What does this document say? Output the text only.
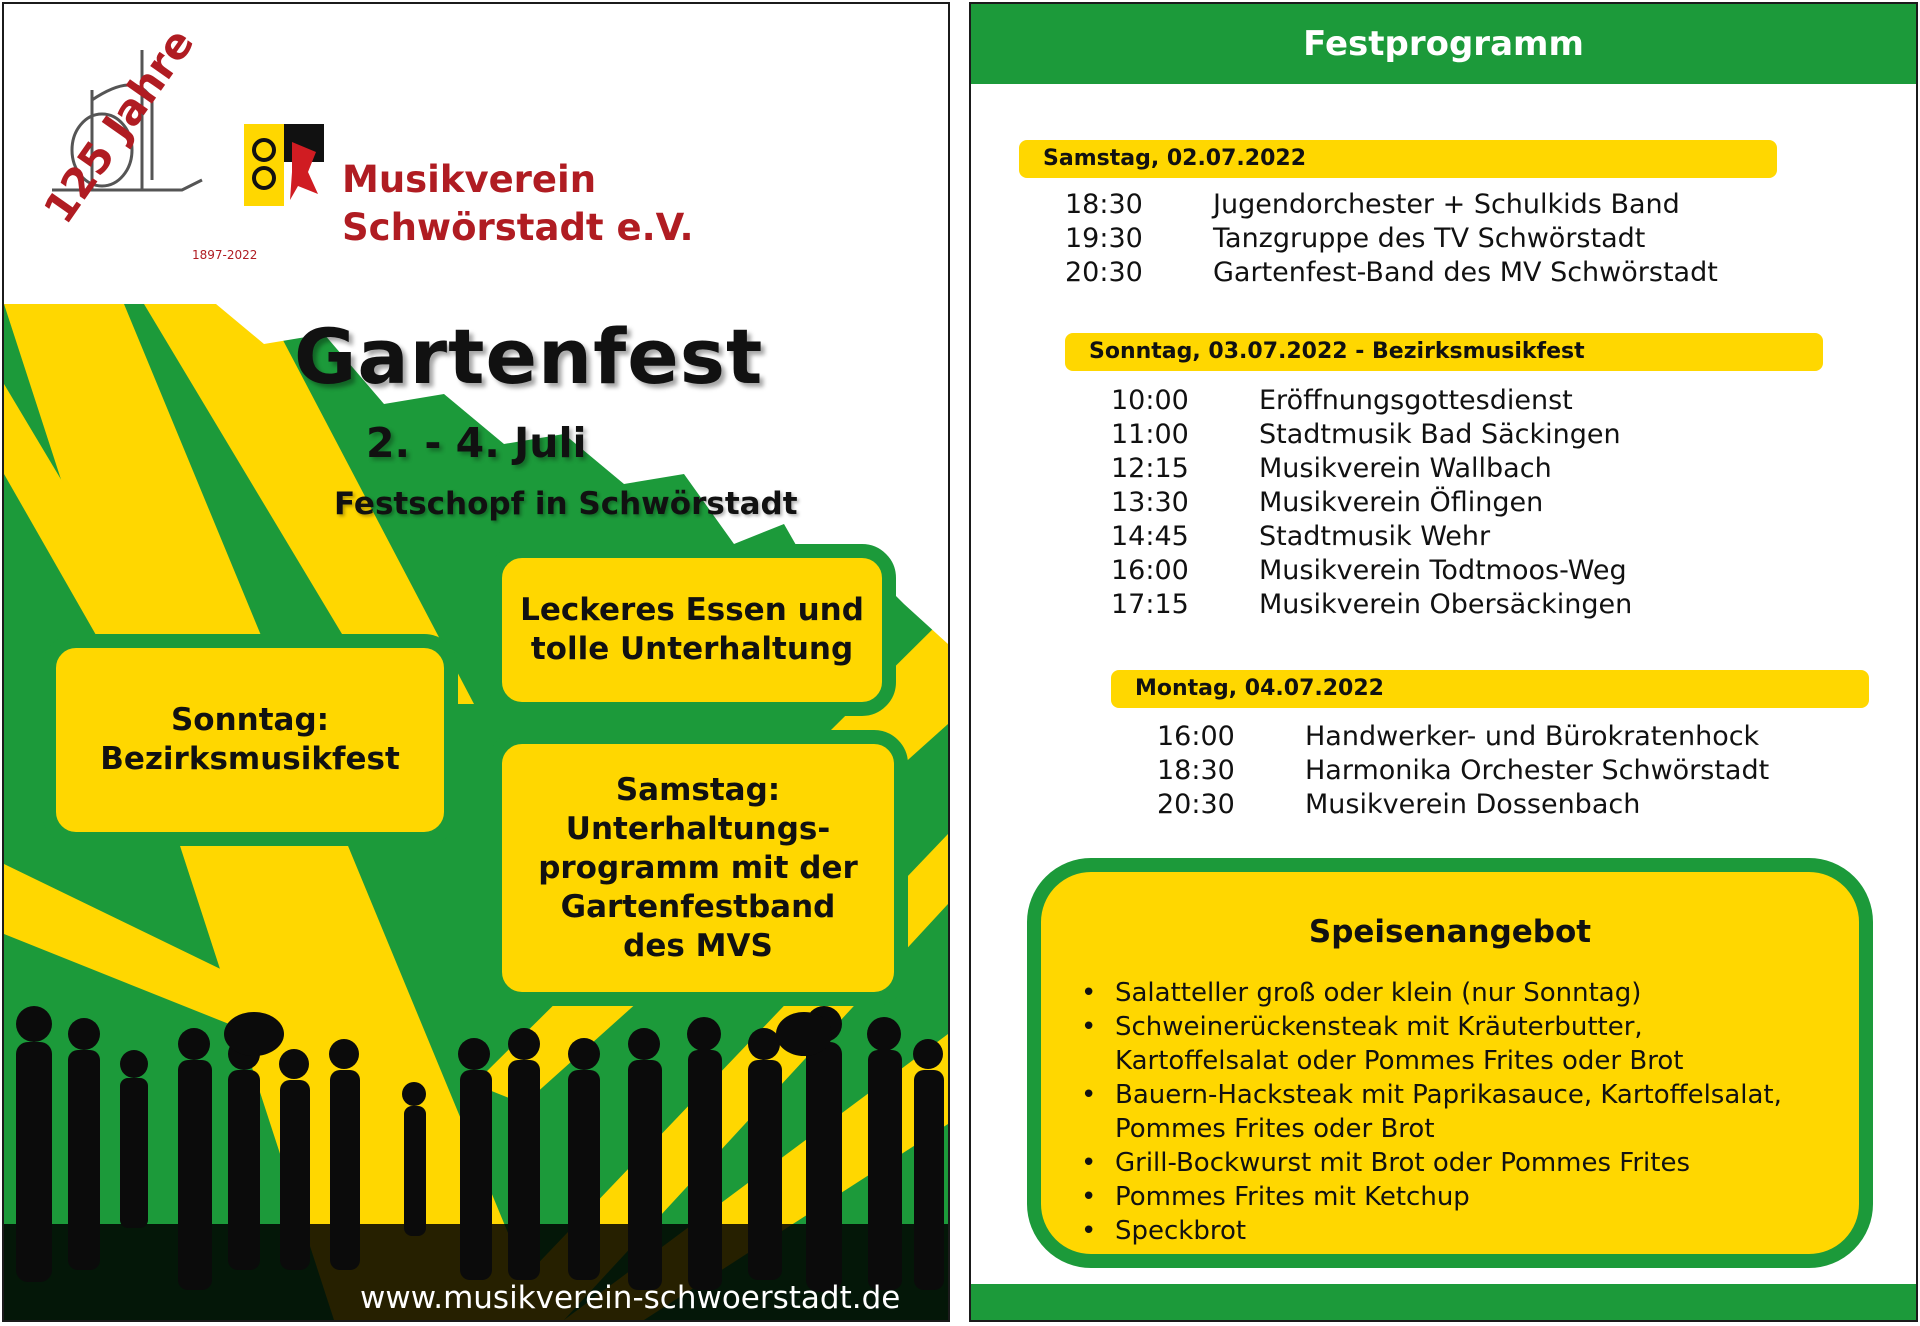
125 Jahre
1897-2022
Musikverein
Schwörstadt e.V.
Gartenfest
2. - 4. Juli
Festschopf in Schwörstadt
Leckeres Essen und
tolle Unterhaltung
Sonntag:
Bezirksmusikfest
Samstag:
Unterhaltungs-
programm mit der
Gartenfestband
des MVS
www.musikverein-schwoerstadt.de
Festprogramm
Samstag, 02.07.2022
18:30	Jugendorchester + Schulkids Band
19:30	Tanzgruppe des TV Schwörstadt
20:30	Gartenfest-Band des MV Schwörstadt
Sonntag, 03.07.2022 - Bezirksmusikfest
10:00	Eröffnungsgottesdienst
11:00	Stadtmusik Bad Säckingen
12:15	Musikverein Wallbach
13:30	Musikverein Öflingen
14:45	Stadtmusik Wehr
16:00	Musikverein Todtmoos-Weg
17:15	Musikverein Obersäckingen
Montag, 04.07.2022
16:00	Handwerker- und Bürokratenhock
18:30	Harmonika Orchester Schwörstadt
20:30	Musikverein Dossenbach
Speisenangebot
• Salatteller groß oder klein (nur Sonntag)
• Schweinerückensteak mit Kräuterbutter,
Kartoffelsalat oder Pommes Frites oder Brot
• Bauern-Hacksteak mit Paprikasauce, Kartoffelsalat,
Pommes Frites oder Brot
• Grill-Bockwurst mit Brot oder Pommes Frites
• Pommes Frites mit Ketchup
• Speckbrot
